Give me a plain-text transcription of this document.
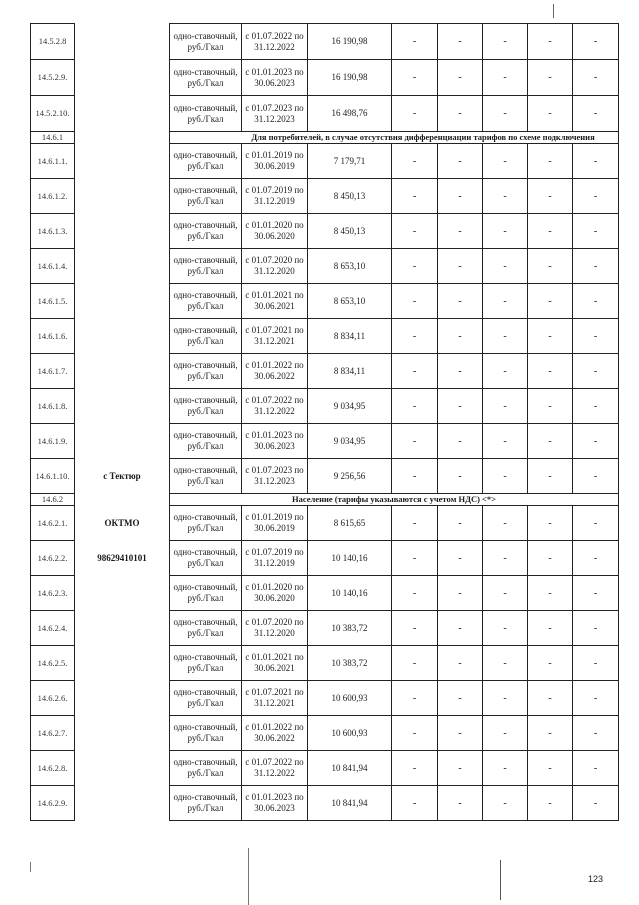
14.5.2.8		одно-ставочный, руб./Гкал	с 01.07.2022 по 31.12.2022	16 190,98	-	-	-	-	-
14.5.2.9.		одно-ставочный, руб./Гкал	с 01.01.2023 по 30.06.2023	16 190,98	-	-	-	-	-
14.5.2.10.		одно-ставочный, руб./Гкал	с 01.07.2023 по 31.12.2023	16 498,76	-	-	-	-	-
14.6.1		Для потребителей, в случае отсутствия дифференциации тарифов по схеме подключения							
14.6.1.1.		одно-ставочный, руб./Гкал	с 01.01.2019 по 30.06.2019	7 179,71	-	-	-	-	-
14.6.1.2.		одно-ставочный, руб./Гкал	с 01.07.2019 по 31.12.2019	8 450,13	-	-	-	-	-
14.6.1.3.		одно-ставочный, руб./Гкал	с 01.01.2020 по 30.06.2020	8 450,13	-	-	-	-	-
14.6.1.4.		одно-ставочный, руб./Гкал	с 01.07.2020 по 31.12.2020	8 653,10	-	-	-	-	-
14.6.1.5.		одно-ставочный, руб./Гкал	с 01.01.2021 по 30.06.2021	8 653,10	-	-	-	-	-
14.6.1.6.		одно-ставочный, руб./Гкал	с 01.07.2021 по 31.12.2021	8 834,11	-	-	-	-	-
14.6.1.7.		одно-ставочный, руб./Гкал	с 01.01.2022 по 30.06.2022	8 834,11	-	-	-	-	-
14.6.1.8.		одно-ставочный, руб./Гкал	с 01.07.2022 по 31.12.2022	9 034,95	-	-	-	-	-
14.6.1.9.		одно-ставочный, руб./Гкал	с 01.01.2023 по 30.06.2023	9 034,95	-	-	-	-	-
14.6.1.10.	с Тектюр	одно-ставочный, руб./Гкал	с 01.07.2023 по 31.12.2023	9 256,56	-	-	-	-	-
14.6.2		Население (тарифы указываются с учетом НДС) <*>							
14.6.2.1.	ОКТМО	одно-ставочный, руб./Гкал	с 01.01.2019 по 30.06.2019	8 615,65	-	-	-	-	-
14.6.2.2.	98629410101	одно-ставочный, руб./Гкал	с 01.07.2019 по 31.12.2019	10 140,16	-	-	-	-	-
14.6.2.3.		одно-ставочный, руб./Гкал	с 01.01.2020 по 30.06.2020	10 140,16	-	-	-	-	-
14.6.2.4.		одно-ставочный, руб./Гкал	с 01.07.2020 по 31.12.2020	10 383,72	-	-	-	-	-
14.6.2.5.		одно-ставочный, руб./Гкал	с 01.01.2021 по 30.06.2021	10 383,72	-	-	-	-	-
14.6.2.6.		одно-ставочный, руб./Гкал	с 01.07.2021 по 31.12.2021	10 600,93	-	-	-	-	-
14.6.2.7.		одно-ставочный, руб./Гкал	с 01.01.2022 по 30.06.2022	10 600,93	-	-	-	-	-
14.6.2.8.		одно-ставочный, руб./Гкал	с 01.07.2022 по 31.12.2022	10 841,94	-	-	-	-	-
14.6.2.9.		одно-ставочный, руб./Гкал	с 01.01.2023 по 30.06.2023	10 841,94	-	-	-	-	-
123
